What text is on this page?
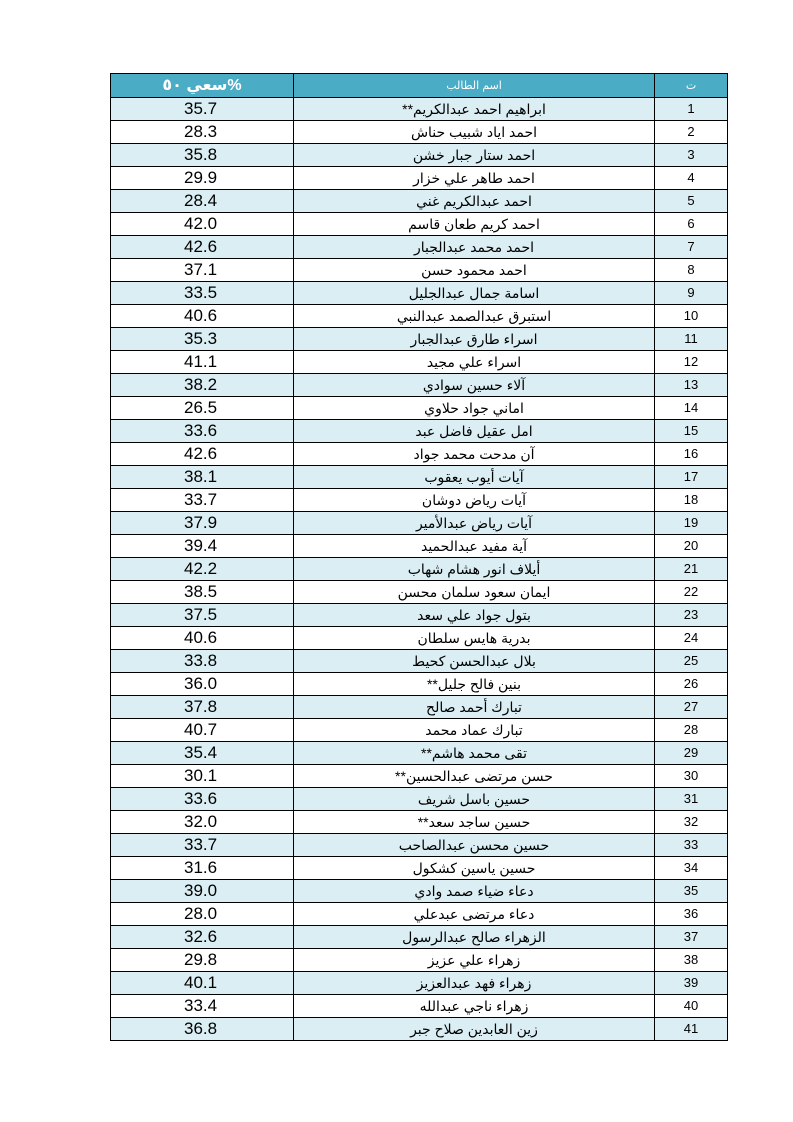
سعي ٥٠%	اسم الطالب	ت
35.7	ابراهيم احمد عبدالكريم**	1
28.3	احمد اياد شبيب حناش	2
35.8	احمد ستار جبار خشن	3
29.9	احمد طاهر علي خزار	4
28.4	احمد عبدالكريم غني	5
42.0	احمد كريم طعان قاسم	6
42.6	احمد محمد عبدالجبار	7
37.1	احمد محمود حسن	8
33.5	اسامة جمال عبدالجليل	9
40.6	استبرق عبدالصمد عبدالنبي	10
35.3	اسراء طارق عبدالجبار	11
41.1	اسراء علي مجيد	12
38.2	آلاء حسين سوادي	13
26.5	اماني جواد حلاوي	14
33.6	امل عقيل فاضل عبد	15
42.6	آن مدحت محمد جواد	16
38.1	آيات أيوب يعقوب	17
33.7	آيات رياض دوشان	18
37.9	آيات رياض عبدالأمير	19
39.4	آية مفيد عبدالحميد	20
42.2	أيلاف انور هشام شهاب	21
38.5	ايمان سعود سلمان محسن	22
37.5	بتول جواد علي سعد	23
40.6	بدرية هايس سلطان	24
33.8	بلال عبدالحسن كحيط	25
36.0	بنين فالح جليل**	26
37.8	تبارك أحمد صالح	27
40.7	تبارك عماد محمد	28
35.4	تقى محمد هاشم**	29
30.1	حسن مرتضى عبدالحسين**	30
33.6	حسين باسل شريف	31
32.0	حسين ساجد سعد**	32
33.7	حسين محسن عبدالصاحب	33
31.6	حسين ياسين كشكول	34
39.0	دعاء ضياء صمد وادي	35
28.0	دعاء مرتضى عبدعلي	36
32.6	الزهراء صالح عبدالرسول	37
29.8	زهراء علي عزيز	38
40.1	زهراء فهد عبدالعزيز	39
33.4	زهراء ناجي عبدالله	40
36.8	زين العابدين صلاح جبر	41
